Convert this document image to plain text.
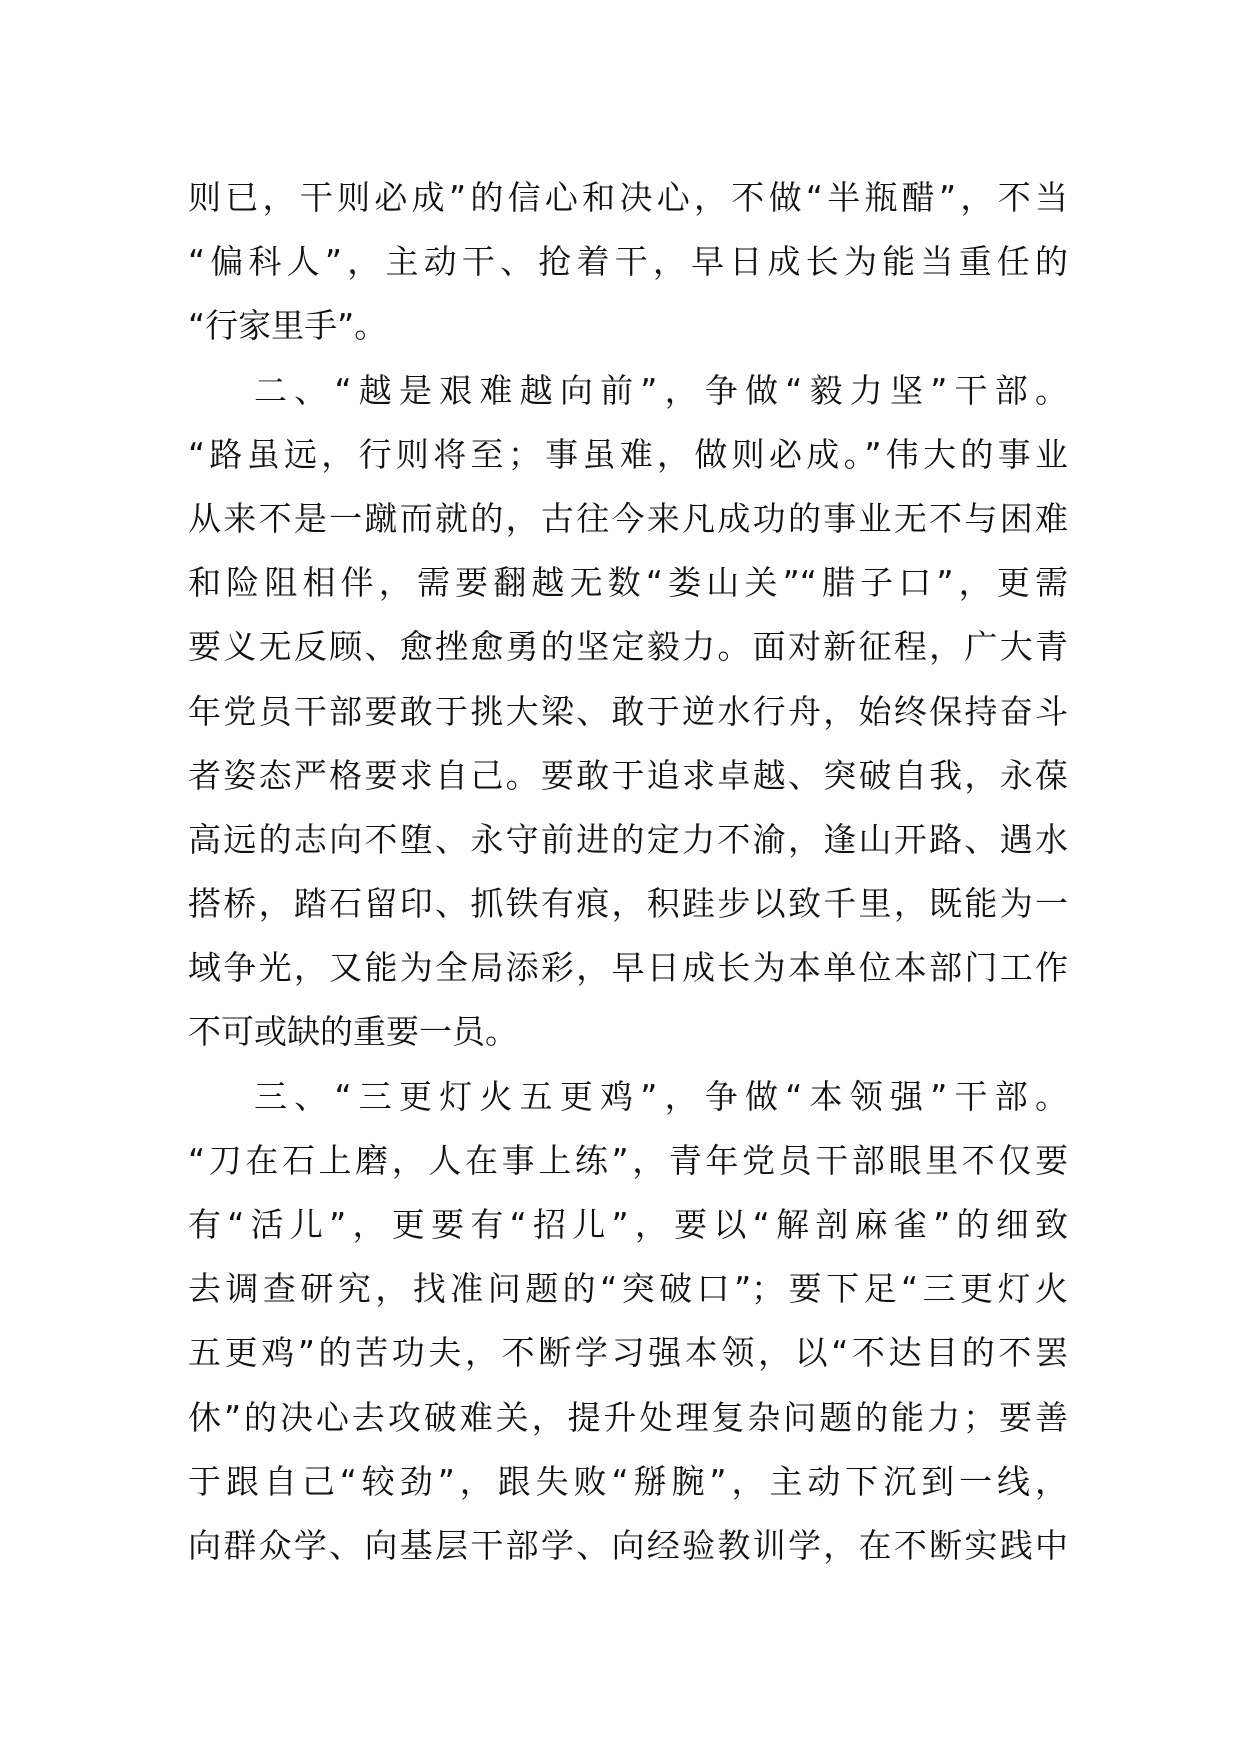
则已，干则必成”的信心和决心，不做“半瓶醋”，不当
“偏科人”，主动干、抢着干，早日成长为能当重任的
“行家里手”。
二、“越是艰难越向前”，争做“毅力坚”干部。
“路虽远，行则将至；事虽难，做则必成。”伟大的事业
从来不是一蹴而就的，古往今来凡成功的事业无不与困难
和险阻相伴，需要翻越无数“娄山关”“腊子口”，更需
要义无反顾、愈挫愈勇的坚定毅力。面对新征程，广大青
年党员干部要敢于挑大梁、敢于逆水行舟，始终保持奋斗
者姿态严格要求自己。要敢于追求卓越、突破自我，永葆
高远的志向不堕、永守前进的定力不渝，逢山开路、遇水
搭桥，踏石留印、抓铁有痕，积跬步以致千里，既能为一
域争光，又能为全局添彩，早日成长为本单位本部门工作
不可或缺的重要一员。
三、“三更灯火五更鸡”，争做“本领强”干部。
“刀在石上磨，人在事上练”，青年党员干部眼里不仅要
有“活儿”，更要有“招儿”，要以“解剖麻雀”的细致
去调查研究，找准问题的“突破口”；要下足“三更灯火
五更鸡”的苦功夫，不断学习强本领，以“不达目的不罢
休”的决心去攻破难关，提升处理复杂问题的能力；要善
于跟自己“较劲”，跟失败“掰腕”，主动下沉到一线，
向群众学、向基层干部学、向经验教训学，在不断实践中
